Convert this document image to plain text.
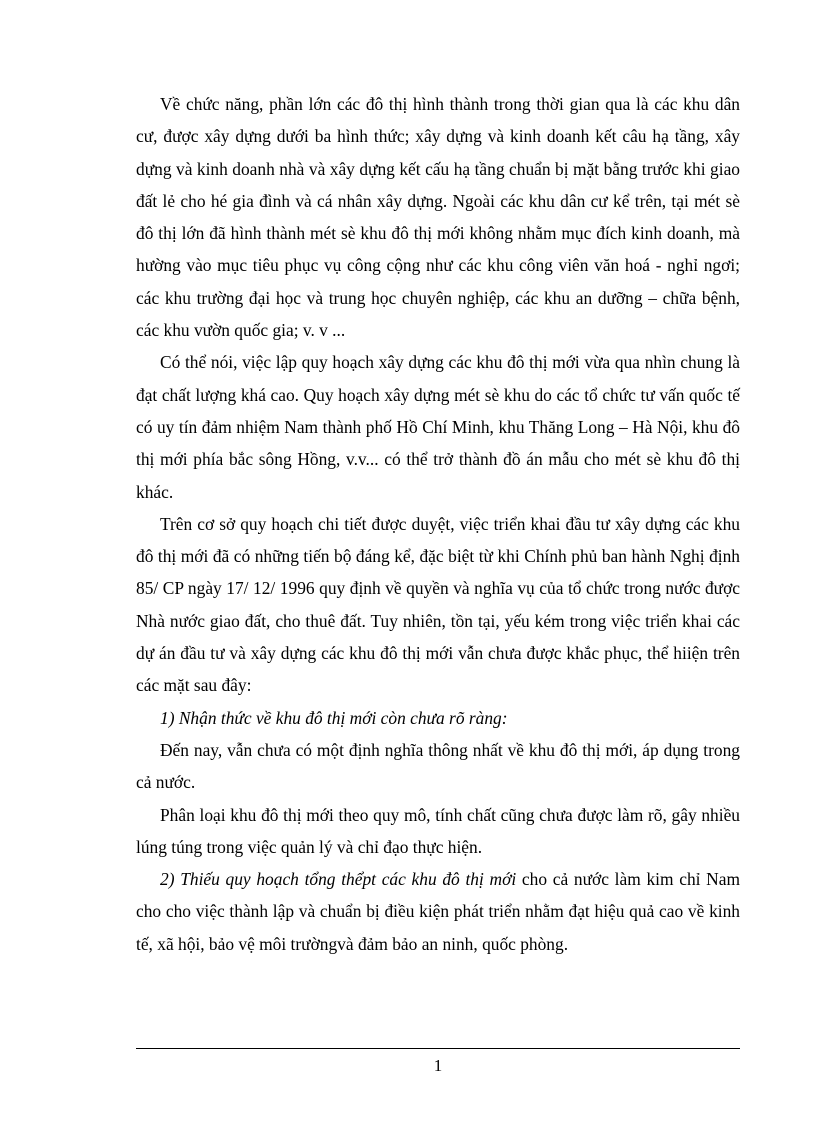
Về chức năng, phần lớn các đô thị hình thành trong thời gian qua là các khu dân cư, được xây dựng dưới ba hình thức; xây dựng và kinh doanh kết câu hạ tầng, xây dựng và kinh doanh nhà và xây dựng kết cấu hạ tầng chuẩn bị mặt bằng trước khi giao đất lẻ cho hé gia đình và cá nhân xây dựng. Ngoài các khu dân cư kể trên, tại mét sè đô thị lớn đã hình thành mét sè khu đô thị mới không nhằm mục đích kinh doanh, mà hường vào mục tiêu phục vụ công cộng như các khu công viên văn hoá - nghỉ ngơi; các khu trường đại học và trung học chuyên nghiệp, các khu an dưỡng – chữa bệnh, các khu vườn quốc gia; v. v ...

Có thể nói, việc lập quy hoạch xây dựng các khu đô thị mới vừa qua nhìn chung là đạt chất lượng khá cao. Quy hoạch xây dựng mét sè khu do các tổ chức tư vấn quốc tế có uy tín đảm nhiệm Nam thành phố Hồ Chí Minh, khu Thăng Long – Hà Nội, khu đô thị mới phía bắc sông Hồng, v.v... có thể trở thành đồ án mẫu cho mét sè khu đô thị khác.

Trên cơ sở quy hoạch chi tiết được duyệt, việc triển khai đầu tư xây dựng các khu đô thị mới đã có những tiến bộ đáng kể, đặc biệt từ khi Chính phủ ban hành Nghị định 85/ CP ngày 17/ 12/ 1996 quy định về quyền và nghĩa vụ của tổ chức trong nước được Nhà nước giao đất, cho thuê đất. Tuy nhiên, tồn tại, yếu kém trong việc triển khai các dự án đầu tư và xây dựng các khu đô thị mới vẫn chưa được khắc phục, thể hiiện trên các mặt sau đây:

1) Nhận thức về khu đô thị mới còn chưa rõ ràng:

Đến nay, vẫn chưa có một định nghĩa thông nhất về khu đô thị mới, áp dụng trong cả nước.

Phân loại khu đô thị mới theo quy mô, tính chất cũng chưa được làm rõ, gây nhiều lúng túng trong việc quản lý và chỉ đạo thực hiện.

2) Thiếu quy hoạch tổng thểpt các khu đô thị mới cho cả nước làm kim chỉ Nam cho cho việc thành lập và chuẩn bị điều kiện phát triển nhằm đạt hiệu quả cao về kinh tế, xã hội, bảo vệ môi trườngvà đảm bảo an ninh, quốc phòng.

1
